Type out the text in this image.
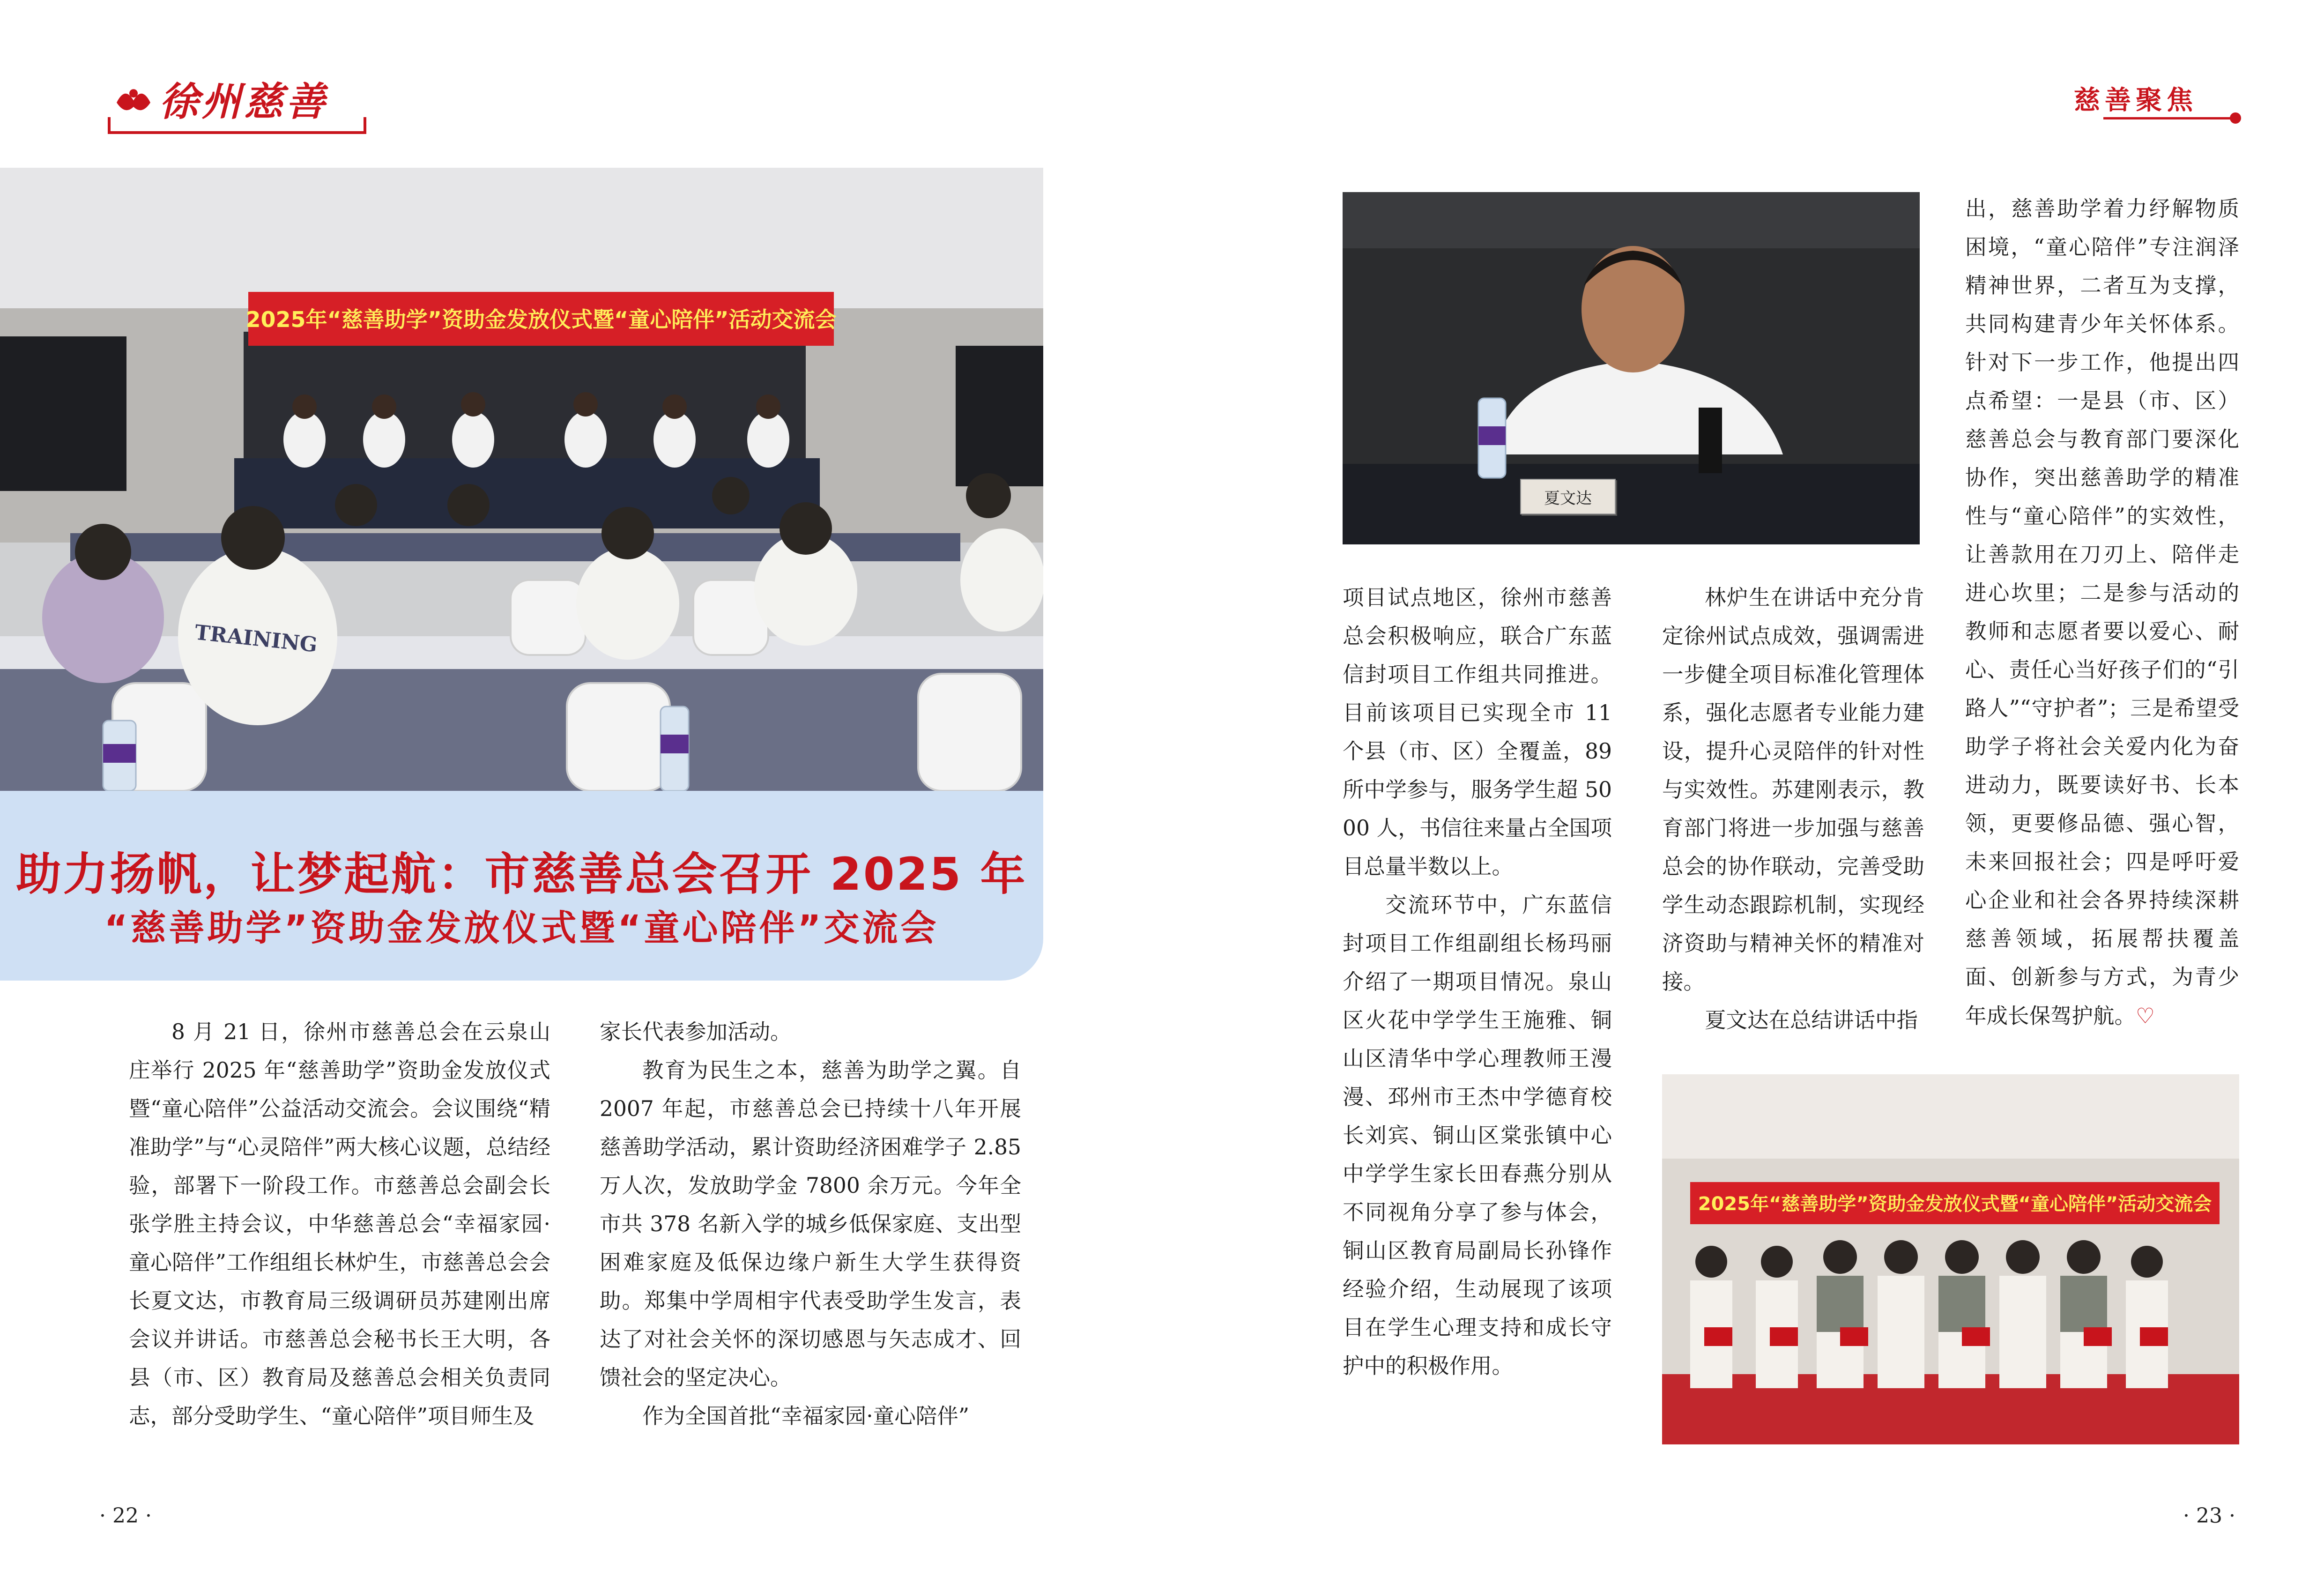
徐州慈善	慈善聚焦
2025年“慈善助学”资助金发放仪式暨“童心陪伴”活动交流会
TRAINING
助力扬帆，让梦起航：市慈善总会召开 2025 年
“慈善助学”资助金发放仪式暨“童心陪伴”交流会
夏文达
2025年“慈善助学”资助金发放仪式暨“童心陪伴”活动交流会

8 月 21 日，徐州市慈善总会在云泉山庄举行 2025 年“慈善助学”资助金发放仪式暨“童心陪伴”公益活动交流会。会议围绕“精准助学”与“心灵陪伴”两大核心议题，总结经验，部署下一阶段工作。市慈善总会副会长张学胜主持会议，中华慈善总会“幸福家园·童心陪伴”工作组组长林炉生，市慈善总会会长夏文达，市教育局三级调研员苏建刚出席会议并讲话。市慈善总会秘书长王大明，各县（市、区）教育局及慈善总会相关负责同志，部分受助学生、“童心陪伴”项目师生及

家长代表参加活动。

教育为民生之本，慈善为助学之翼。自 2007 年起，市慈善总会已持续十八年开展慈善助学活动，累计资助经济困难学子 2.85 万人次，发放助学金 7800 余万元。今年全市共 378 名新入学的城乡低保家庭、支出型困难家庭及低保边缘户新生大学生获得资助。郑集中学周相宇代表受助学生发言，表达了对社会关怀的深切感恩与矢志成才、回馈社会的坚定决心。

作为全国首批“幸福家园·童心陪伴”

项目试点地区，徐州市慈善总会积极响应，联合广东蓝信封项目工作组共同推进。目前该项目已实现全市 11 个县（市、区）全覆盖，89 所中学参与，服务学生超 5000 人，书信往来量占全国项目总量半数以上。

交流环节中，广东蓝信封项目工作组副组长杨玛丽介绍了一期项目情况。泉山区火花中学学生王施雅、铜山区清华中学心理教师王漫漫、邳州市王杰中学德育校长刘宾、铜山区棠张镇中心中学学生家长田春燕分别从不同视角分享了参与体会，铜山区教育局副局长孙锋作经验介绍，生动展现了该项目在学生心理支持和成长守护中的积极作用。

林炉生在讲话中充分肯定徐州试点成效，强调需进一步健全项目标准化管理体系，强化志愿者专业能力建设，提升心灵陪伴的针对性与实效性。苏建刚表示，教育部门将进一步加强与慈善总会的协作联动，完善受助学生动态跟踪机制，实现经济资助与精神关怀的精准对接。

夏文达在总结讲话中指

出，慈善助学着力纾解物质困境，“童心陪伴”专注润泽精神世界，二者互为支撑，共同构建青少年关怀体系。针对下一步工作，他提出四点希望：一是县（市、区）慈善总会与教育部门要深化协作，突出慈善助学的精准性与“童心陪伴”的实效性，让善款用在刀刃上、陪伴走进心坎里；二是参与活动的教师和志愿者要以爱心、耐心、责任心当好孩子们的“引路人”“守护者”；三是希望受助学子将社会关爱内化为奋进动力，既要读好书、长本领，更要修品德、强心智，未来回报社会；四是呼吁爱心企业和社会各界持续深耕慈善领域，拓展帮扶覆盖面、创新参与方式，为青少年成长保驾护航。♡

· 22 ·	· 23 ·
